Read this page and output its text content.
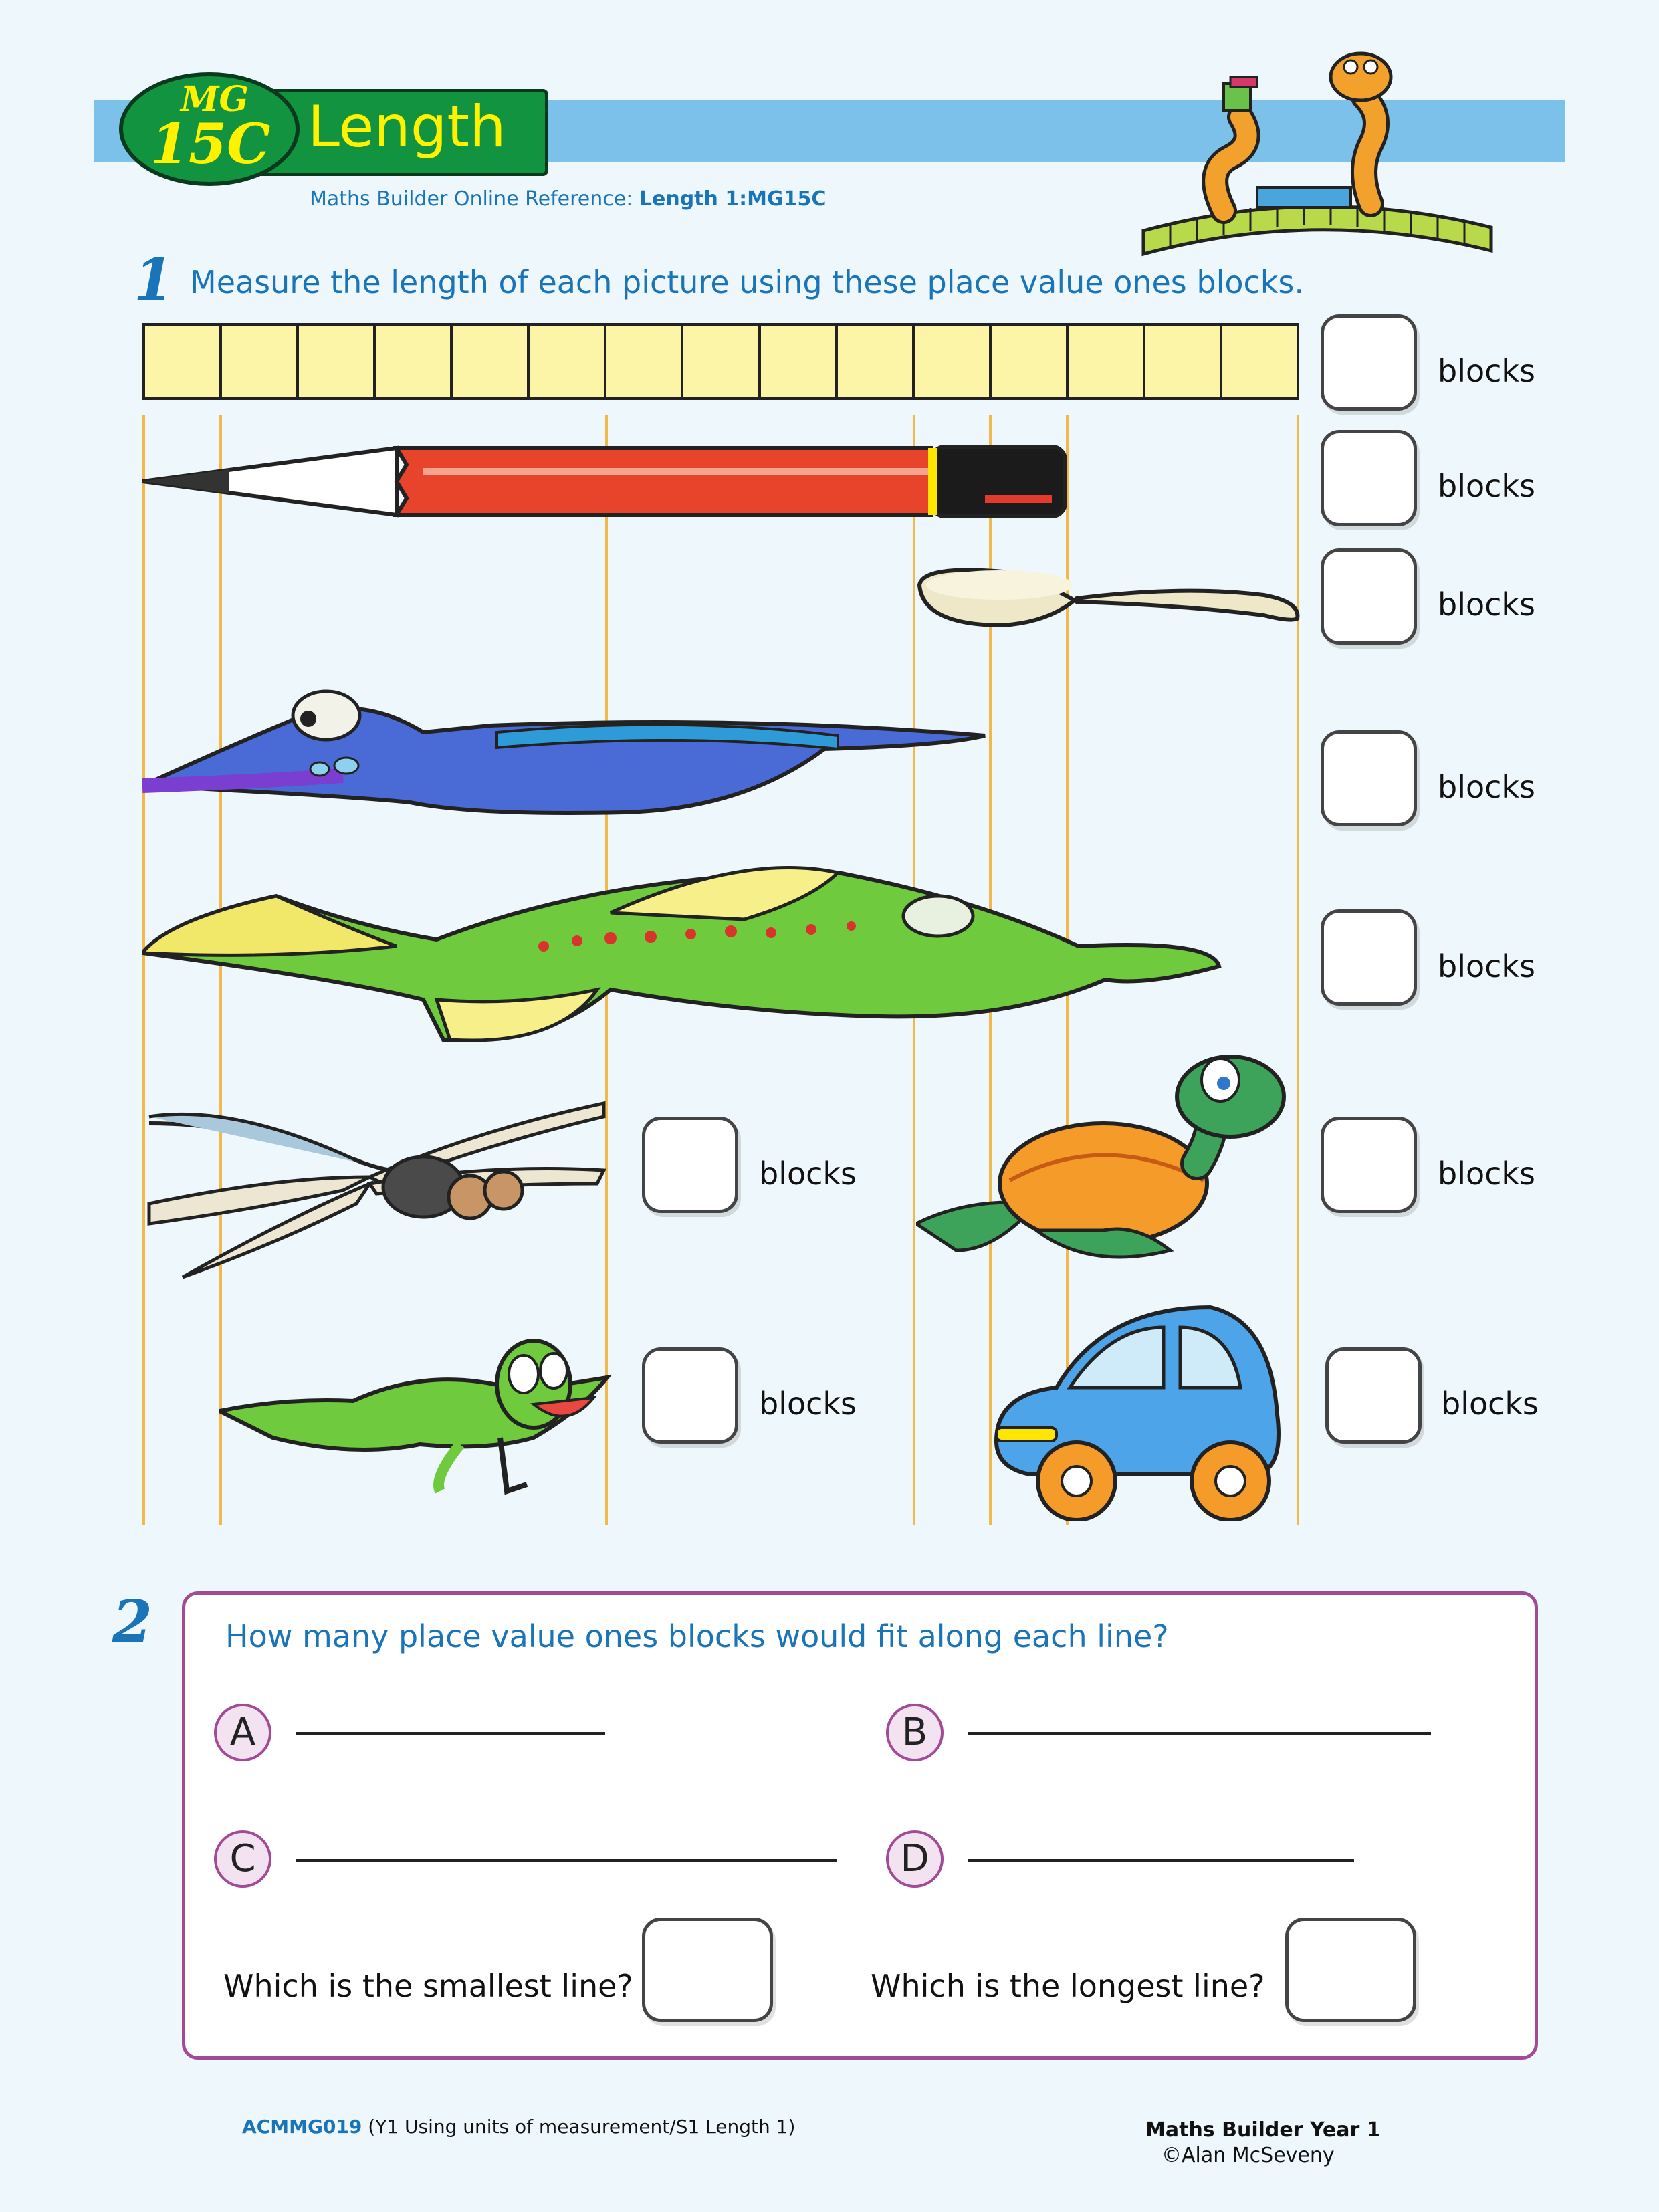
Length
MG
15C
Maths Builder Online Reference: Length 1:MG15C
1 Measure the length of each picture using these place value ones blocks.
blocks
blocks
blocks
blocks
blocks
blocks	blocks
blocks	blocks
2 How many place value ones blocks would fit along each line?
A	B
C	D
Which is the smallest line?	Which is the longest line?
ACMMG019 (Y1 Using units of measurement/S1 Length 1)	Maths Builder Year 1
©Alan McSeveny
